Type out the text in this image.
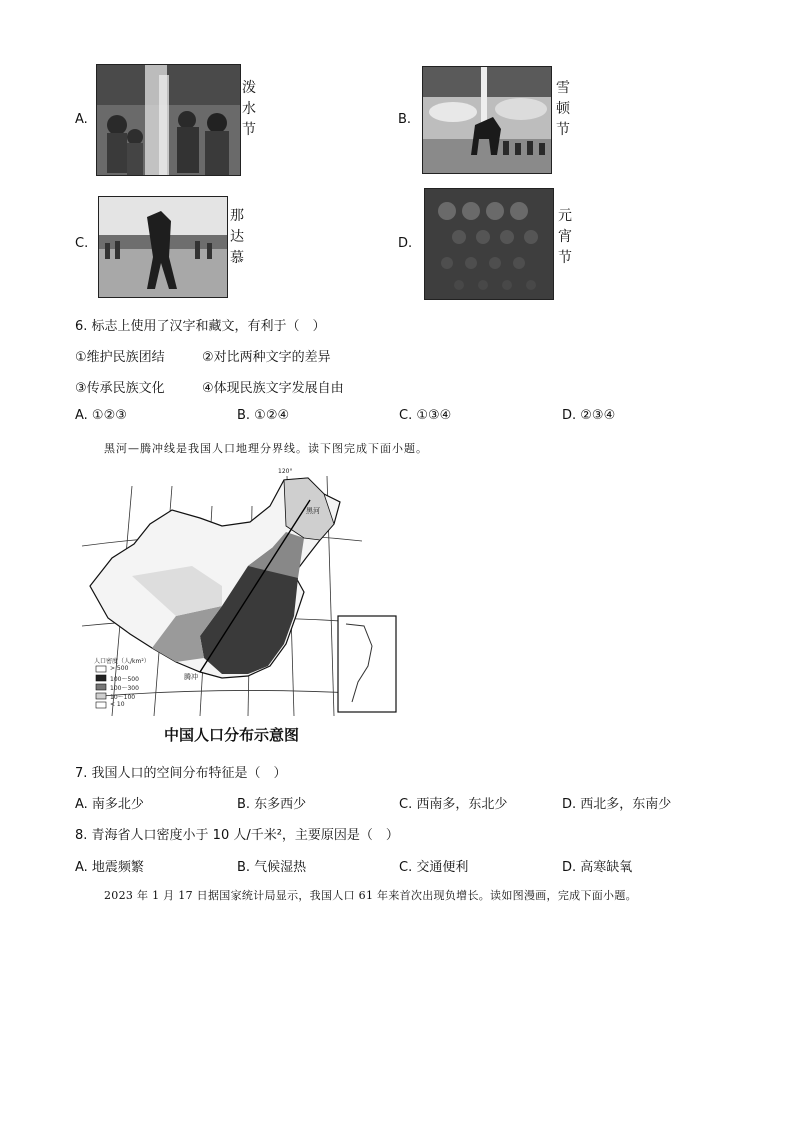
A.
泼水节
B.
雪顿节
C.
那达慕
D.
元宵节
6. 标志上使用了汉字和藏文，有利于（　）
①维护民族团结	②对比两种文字的差异
③传承民族文化	④体现民族文字发展自由
A. ①②③	B. ①②④	C. ①③④	D. ②③④
黑河—腾冲线是我国人口地理分界线。读下图完成下面小题。
人口密度（人/km²）
> 500
100～500
100～300
10～100
< 10
黑河
腾冲
120°
中国人口分布示意图
7. 我国人口的空间分布特征是（　）
A. 南多北少	B. 东多西少	C. 西南多，东北少	D. 西北多，东南少
8. 青海省人口密度小于 10 人/千米²，主要原因是（　）
A. 地震频繁	B. 气候湿热	C. 交通便利	D. 高寒缺氧
2023 年 1 月 17 日据国家统计局显示，我国人口 61 年来首次出现负增长。读如图漫画，完成下面小题。
